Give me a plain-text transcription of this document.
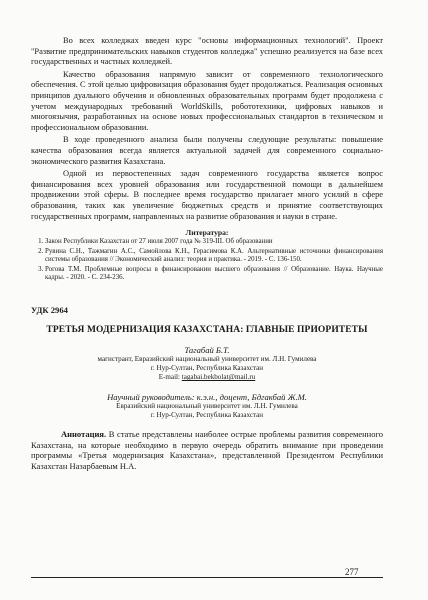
Во всех колледжах введен курс "основы информационных технологий". Проект "Развитие предпринимательских навыков студентов колледжа" успешно реализуется на базе всех государственных и частных колледжей.

Качество образования напрямую зависит от современного технологического обеспечения. С этой целью цифровизация образования будет продолжаться. Реализация основных принципов дуального обучения и обновленных образовательных программ будет продолжена с учетом международных требований WorldSkills, робототехники, цифровых навыков и многоязычия, разработанных на основе новых профессиональных стандартов в техническом и профессиональном образовании.

В ходе проведенного анализа были получены следующие результаты: повышение качества образования всегда является актуальной задачей для современного социально-экономического развития Казахстана.

Одной из первостепенных задач современного государства является вопрос финансирования всех уровней образования или государственной помощи в дальнейшем продвижении этой сферы. В последнее время государство прилагает много усилий в сфере образования, таких как увеличение бюджетных средств и принятие соответствующих государственных программ, направленных на развитие образования и науки в стране.

Литература:
1. Закон Республики Казахстан от 27 июля 2007 года № 319-III. Об образовании
2. Рувина С.Н., Тажмагин А.С., Самойлова К.Н., Герасимова К.А. Альтернативные источники финансирования системы образования // Экономический анализ: теория и практика. - 2019. - С. 136-150.
3. Рогова Т.М. Проблемные вопросы в финансировании высшего образования // Образование. Наука. Научные кадры. - 2020. - С. 234-236.
УДК 2964
ТРЕТЬЯ МОДЕРНИЗАЦИЯ КАЗАХСТАНА: ГЛАВНЫЕ ПРИОРИТЕТЫ
Тагабай Б.Т.
магистрант, Евразийский национальный университет им. Л.Н. Гумилева
г. Нур-Султан, Республика Казахстан
E-mail: tagabai.bekbolat@mail.ru
Научный руководитель: к.э.н., доцент, Бдгакбай Ж.М.
Евразийский национальный университет им. Л.Н. Гумилева
г. Нур-Султан, Республика Казахстан

Аннотация. В статье представлены наиболее острые проблемы развития современного Казахстана, на которые необходимо в первую очередь обратить внимание при проведении программы «Третья модернизация Казахстана», представленной Президентом Республики Казахстан Назарбаевым Н.А.

277
